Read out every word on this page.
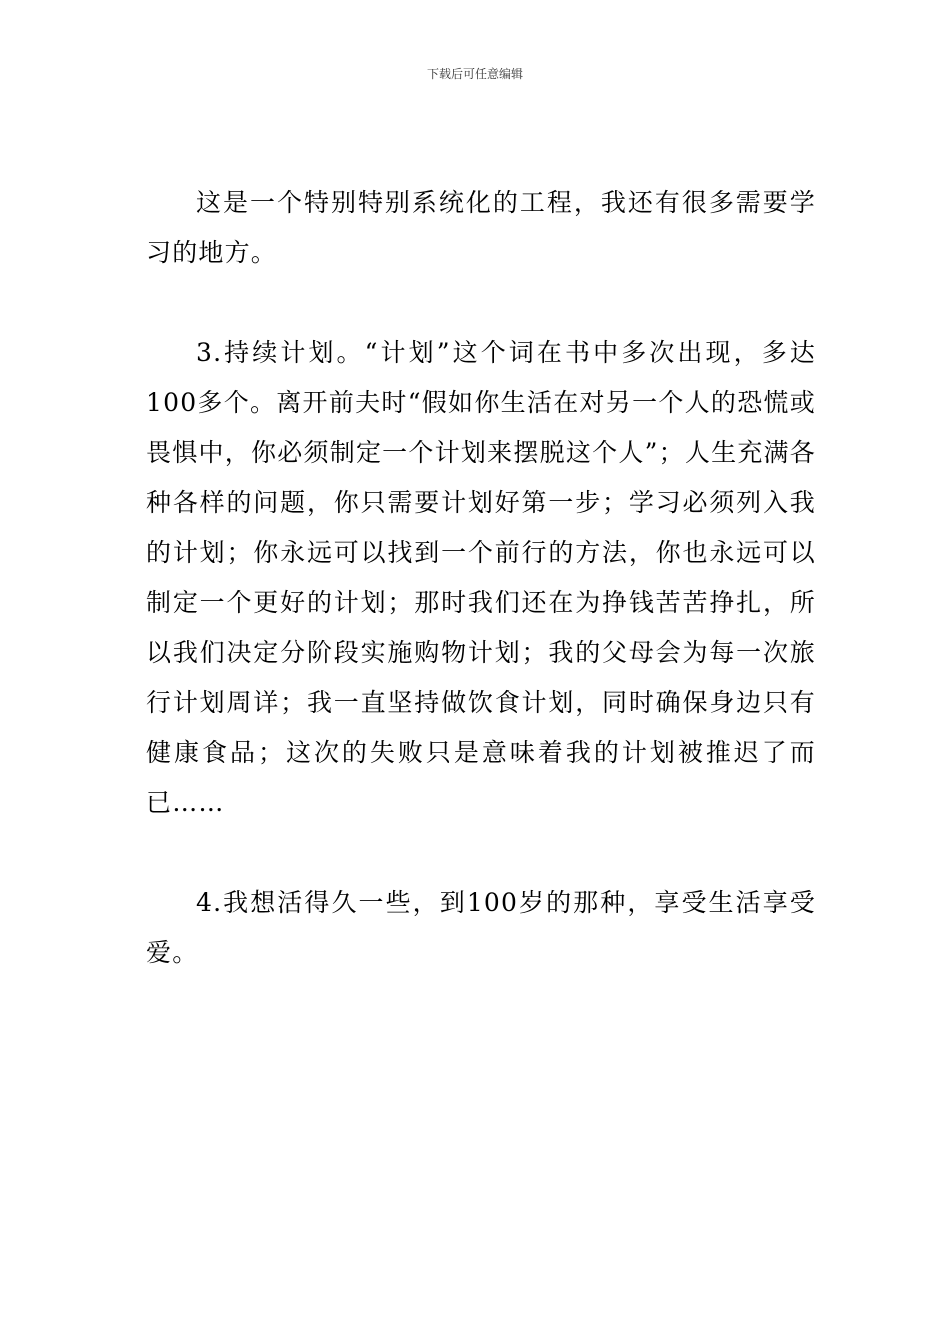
下载后可任意编辑

这是一个特别特别系统化的工程，我还有很多需要学习的地方。

3.持续计划。“计划”这个词在书中多次出现，多达100多个。离开前夫时“假如你生活在对另一个人的恐慌或畏惧中，你必须制定一个计划来摆脱这个人”；人生充满各种各样的问题，你只需要计划好第一步；学习必须列入我的计划；你永远可以找到一个前行的方法，你也永远可以制定一个更好的计划；那时我们还在为挣钱苦苦挣扎，所以我们决定分阶段实施购物计划；我的父母会为每一次旅行计划周详；我一直坚持做饮食计划，同时确保身边只有健康食品；这次的失败只是意味着我的计划被推迟了而已……

4.我想活得久一些，到100岁的那种，享受生活享受爱。
